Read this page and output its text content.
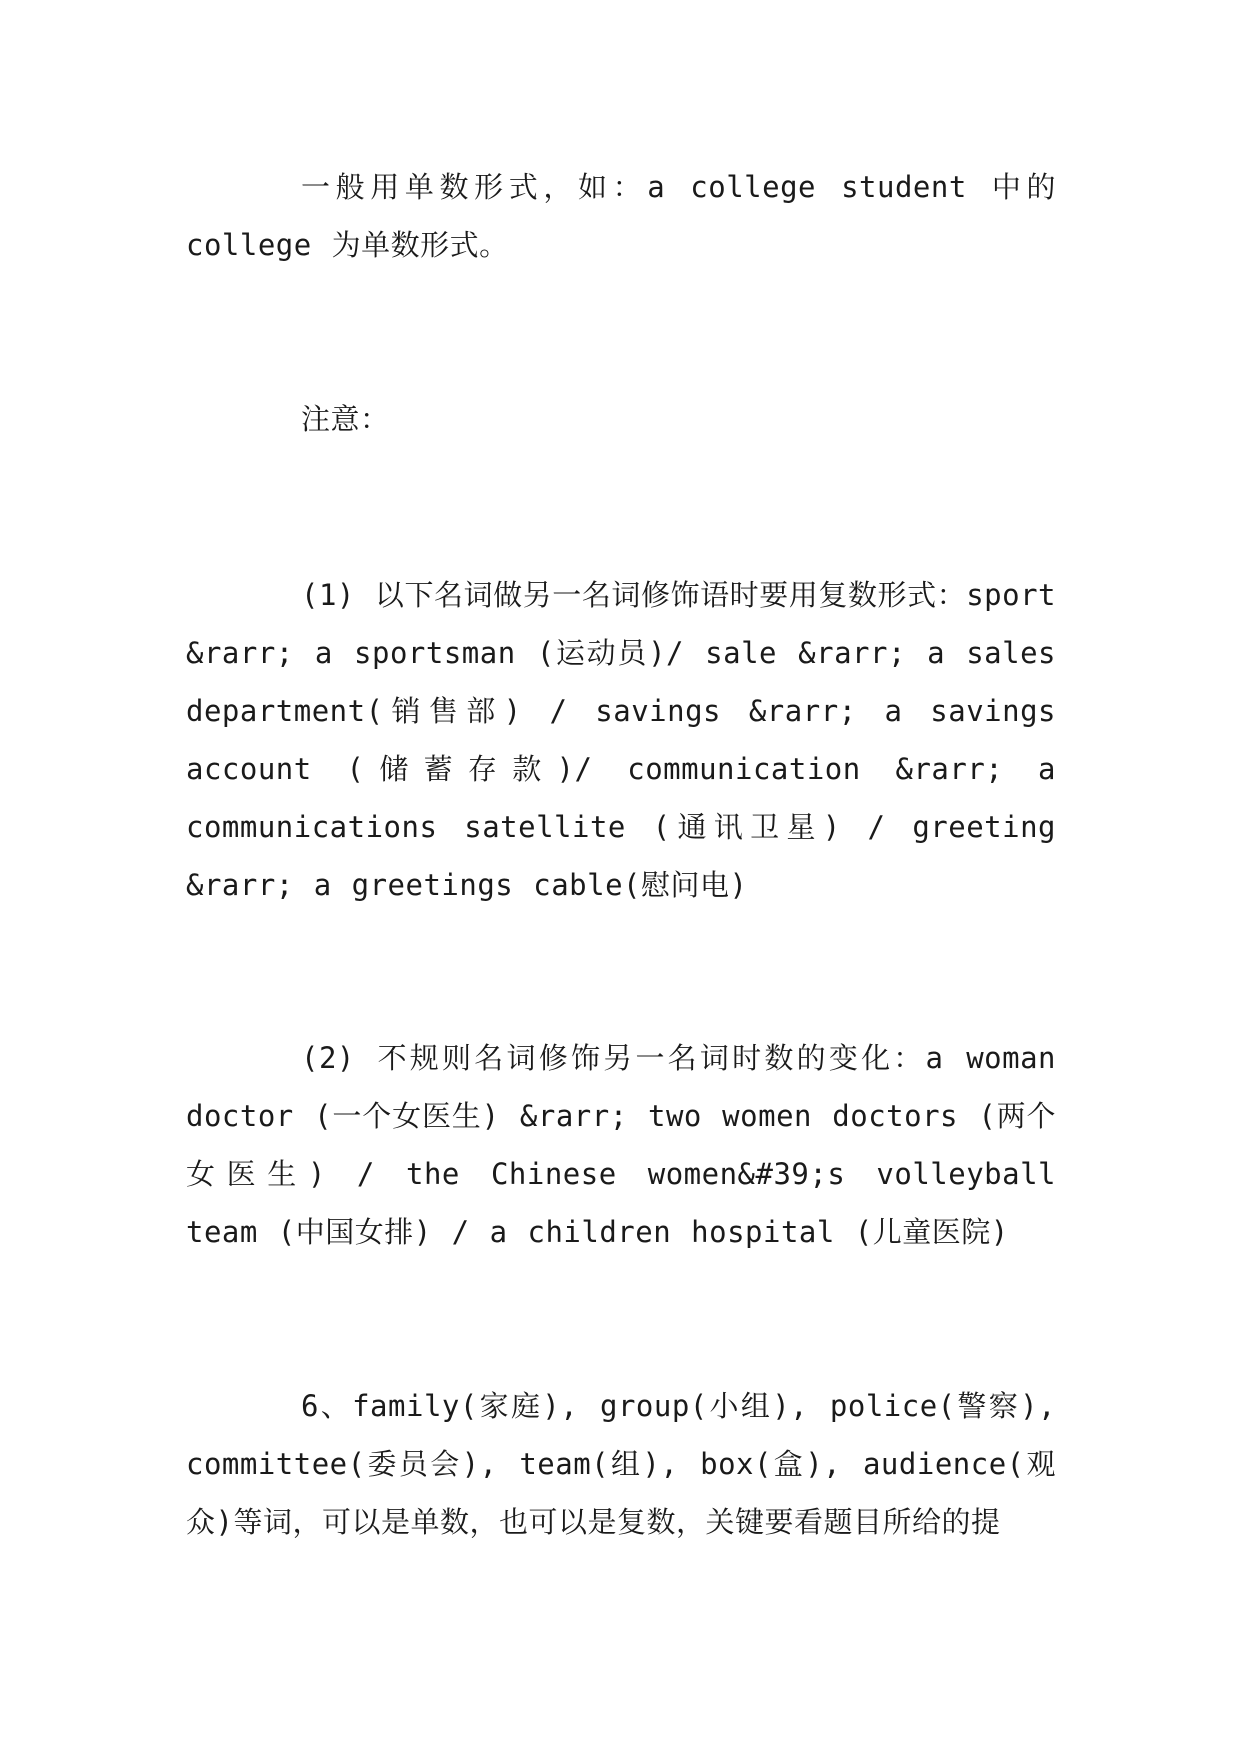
一般用单数形式，如：a college student 中的 college 为单数形式。

注意：

(1) 以下名词做另一名词修饰语时要用复数形式：sport &rarr; a sportsman (运动员)/ sale &rarr; a sales department(销售部) / savings &rarr; a savings account (储蓄存款)/ communication &rarr; a communications satellite (通讯卫星) / greeting &rarr; a greetings cable(慰问电)

(2) 不规则名词修饰另一名词时数的变化：a woman doctor (一个女医生) &rarr; two women doctors (两个女医生) / the Chinese women&#39;s volleyball team (中国女排) / a children hospital (儿童医院)

6、family(家庭), group(小组), police(警察), committee(委员会), team(组), box(盒), audience(观众)等词，可以是单数，也可以是复数，关键要看题目所给的提
